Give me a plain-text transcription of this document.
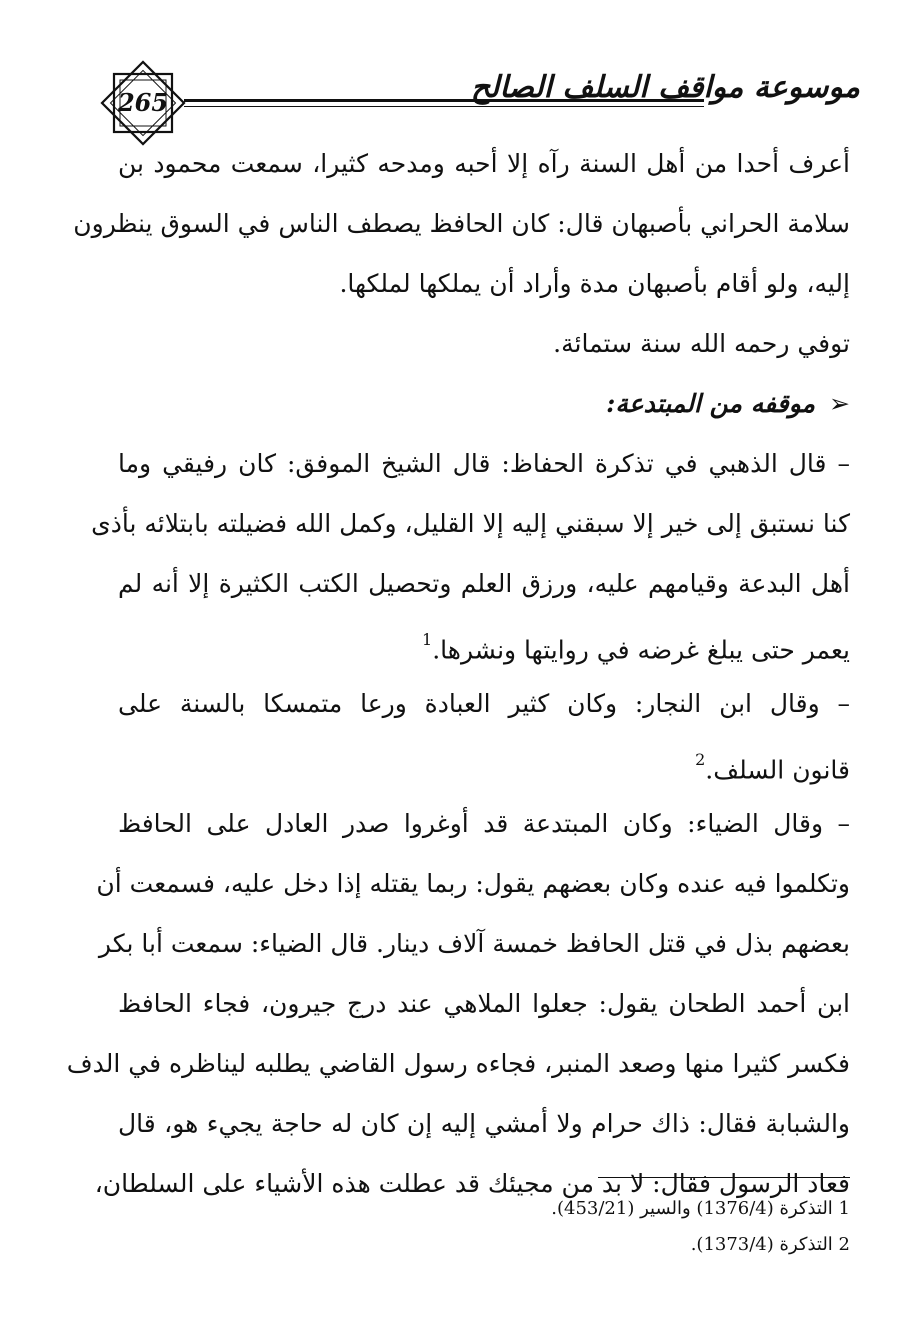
265	موسوعة مواقف السلف الصالح
أعرف أحدا من أهل السنة رآه إلا أحبه ومدحه كثيرا، سمعت محمود بن
سلامة الحراني بأصبهان قال: كان الحافظ يصطف الناس في السوق ينظرون
إليه، ولو أقام بأصبهان مدة وأراد أن يملكها لملكها.
توفي رحمه الله سنة ستمائة.
➢موقفه من المبتدعة:
– قال الذهبي في تذكرة الحفاظ: قال الشيخ الموفق: كان رفيقي وما
كنا نستبق إلى خير إلا سبقني إليه إلا القليل، وكمل الله فضيلته بابتلائه بأذى
أهل البدعة وقيامهم عليه، ورزق العلم وتحصيل الكتب الكثيرة إلا أنه لم
يعمر حتى يبلغ غرضه في روايتها ونشرها.$^1$
– وقال ابن النجار: وكان كثير العبادة ورعا متمسكا بالسنة على
قانون السلف.$^2$
– وقال الضياء: وكان المبتدعة قد أوغروا صدر العادل على الحافظ
وتكلموا فيه عنده وكان بعضهم يقول: ربما يقتله إذا دخل عليه، فسمعت أن
بعضهم بذل في قتل الحافظ خمسة آلاف دينار. قال الضياء: سمعت أبا بكر
ابن أحمد الطحان يقول: جعلوا الملاهي عند درج جيرون، فجاء الحافظ
فكسر كثيرا منها وصعد المنبر، فجاءه رسول القاضي يطلبه ليناظره في الدف
والشبابة فقال: ذاك حرام ولا أمشي إليه إن كان له حاجة يجيء هو، قال
فعاد الرسول فقال: لا بد من مجيئك قد عطلت هذه الأشياء على السلطان،
1 التذكرة (1376/4) والسير (453/21).
2 التذكرة (1373/4).
